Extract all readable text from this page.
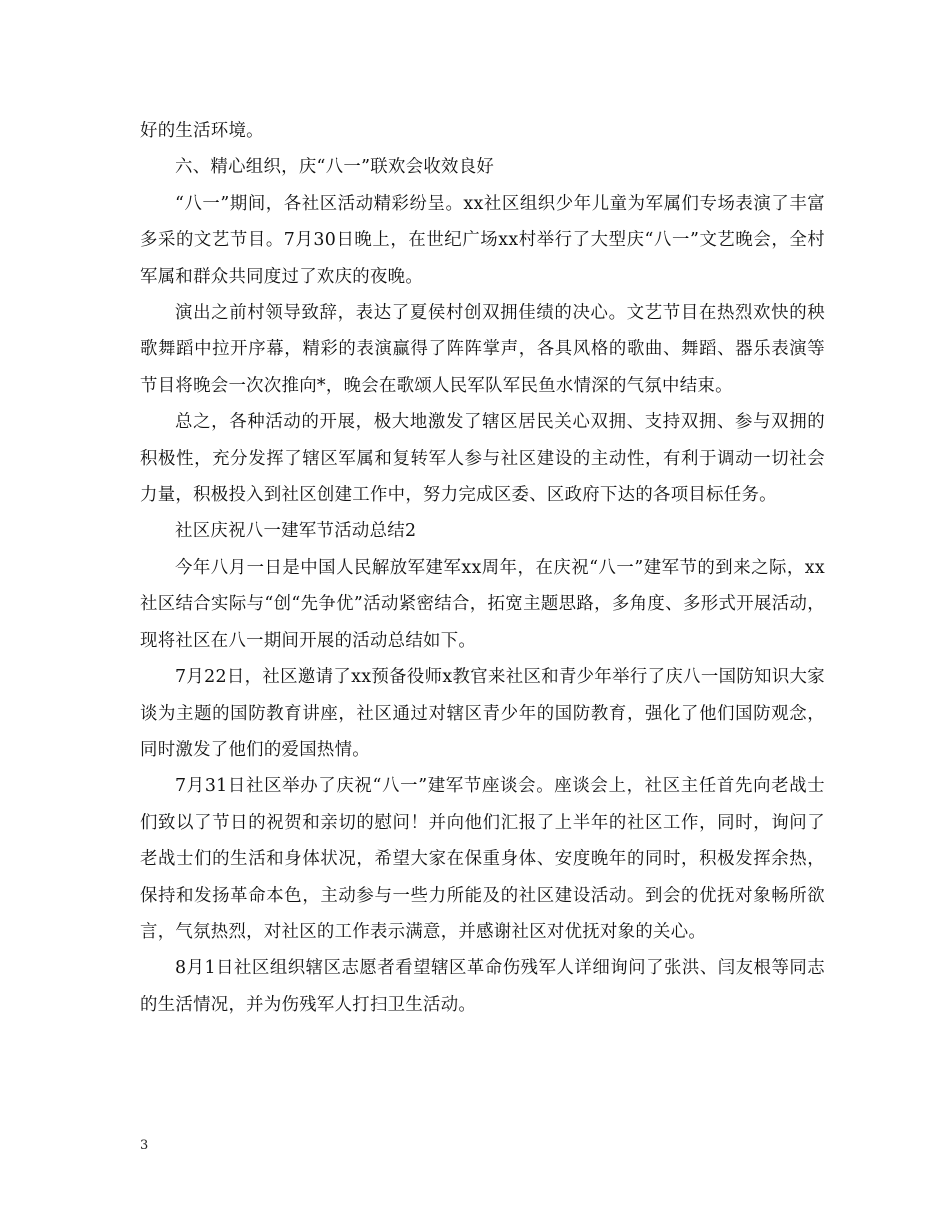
好的生活环境。

六、精心组织，庆“八一”联欢会收效良好

“八一”期间，各社区活动精彩纷呈。xx社区组织少年儿童为军属们专场表演了丰富多采的文艺节目。7月30日晚上，在世纪广场xx村举行了大型庆“八一”文艺晚会，全村军属和群众共同度过了欢庆的夜晚。

演出之前村领导致辞，表达了夏侯村创双拥佳绩的决心。文艺节目在热烈欢快的秧歌舞蹈中拉开序幕，精彩的表演赢得了阵阵掌声，各具风格的歌曲、舞蹈、器乐表演等节目将晚会一次次推向*，晚会在歌颂人民军队军民鱼水情深的气氛中结束。

总之，各种活动的开展，极大地激发了辖区居民关心双拥、支持双拥、参与双拥的积极性，充分发挥了辖区军属和复转军人参与社区建设的主动性，有利于调动一切社会力量，积极投入到社区创建工作中，努力完成区委、区政府下达的各项目标任务。

社区庆祝八一建军节活动总结2

今年八月一日是中国人民解放军建军xx周年，在庆祝“八一”建军节的到来之际，xx社区结合实际与“创“先争优”活动紧密结合，拓宽主题思路，多角度、多形式开展活动，现将社区在八一期间开展的活动总结如下。

7月22日，社区邀请了xx预备役师x教官来社区和青少年举行了庆八一国防知识大家谈为主题的国防教育讲座，社区通过对辖区青少年的国防教育，强化了他们国防观念，同时激发了他们的爱国热情。

7月31日社区举办了庆祝“八一”建军节座谈会。座谈会上，社区主任首先向老战士们致以了节日的祝贺和亲切的慰问！并向他们汇报了上半年的社区工作，同时，询问了老战士们的生活和身体状况，希望大家在保重身体、安度晚年的同时，积极发挥余热，保持和发扬革命本色，主动参与一些力所能及的社区建设活动。到会的优抚对象畅所欲言，气氛热烈，对社区的工作表示满意，并感谢社区对优抚对象的关心。

8月1日社区组织辖区志愿者看望辖区革命伤残军人详细询问了张洪、闫友根等同志的生活情况，并为伤残军人打扫卫生活动。

3
